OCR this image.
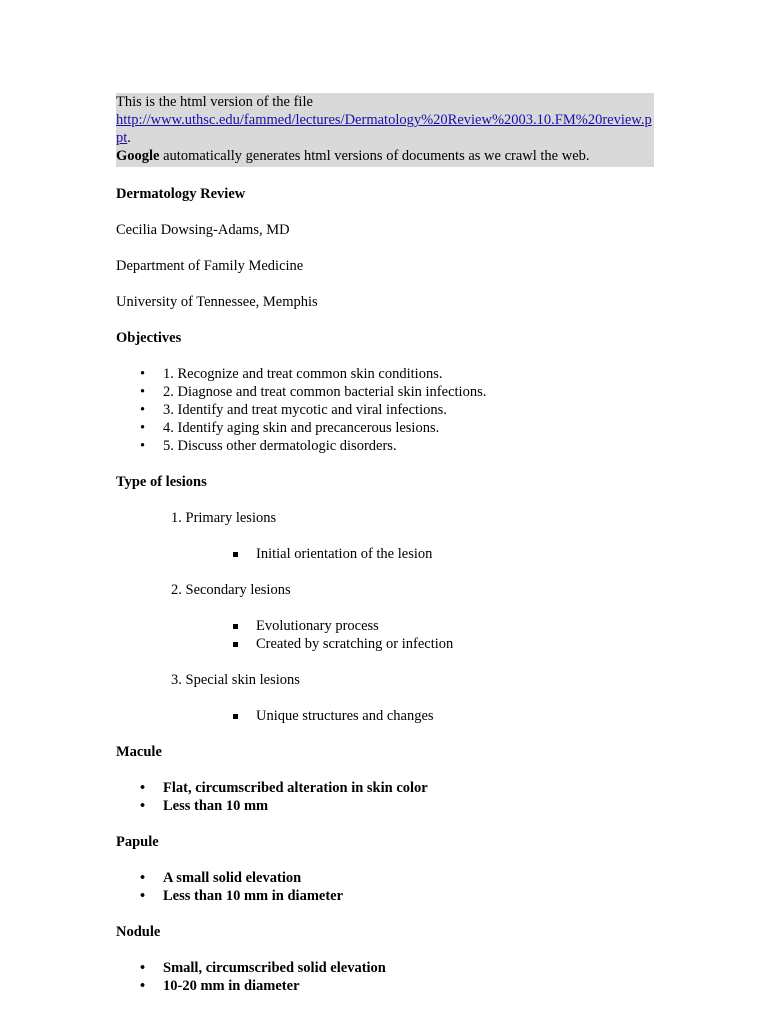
This is the html version of the file
http://www.uthsc.edu/fammed/lectures/Dermatology%20Review%2003.10.FM%20review.ppt.
Google automatically generates html versions of documents as we crawl the web.

Dermatology Review

Cecilia Dowsing-Adams, MD

Department of Family Medicine

University of Tennessee, Memphis

Objectives

• 1. Recognize and treat common skin conditions.
• 2. Diagnose and treat common bacterial skin infections.
• 3. Identify and treat mycotic and viral infections.
• 4. Identify aging skin and precancerous lesions.
• 5. Discuss other dermatologic disorders.

Type of lesions

1. Primary lesions
Initial orientation of the lesion
2. Secondary lesions
Evolutionary process
Created by scratching or infection
3. Special skin lesions
Unique structures and changes

Macule

• Flat, circumscribed alteration in skin color
• Less than 10 mm

Papule

• A small solid elevation
• Less than 10 mm in diameter

Nodule

• Small, circumscribed solid elevation
• 10-20 mm in diameter
